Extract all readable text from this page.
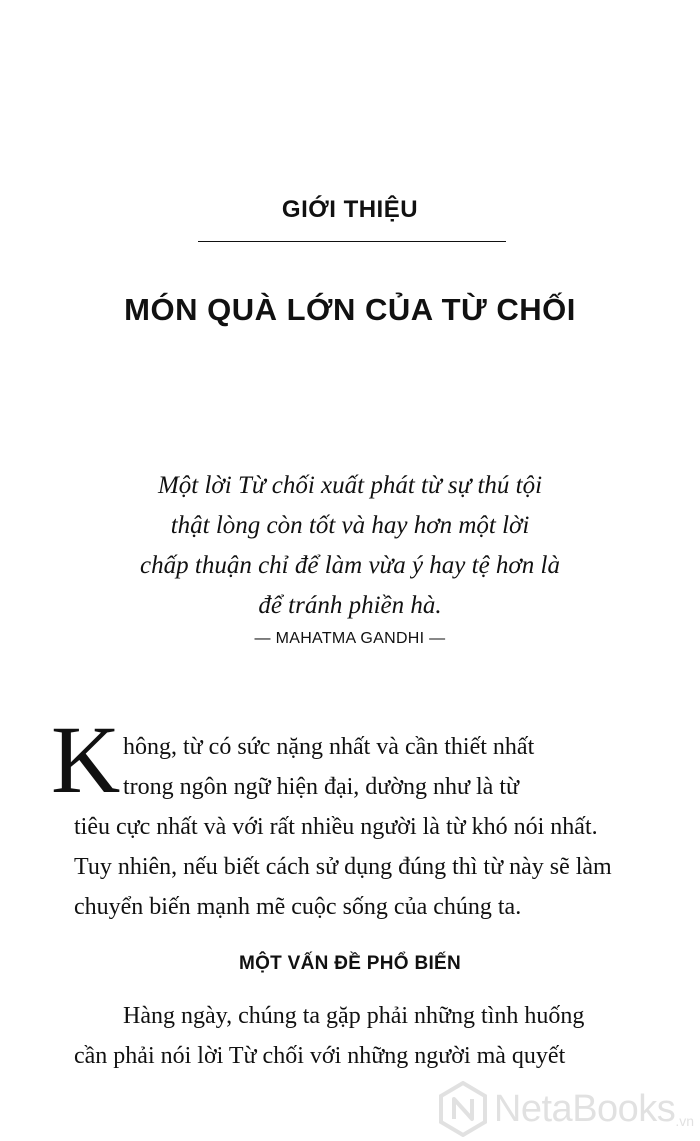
GIỚI THIỆU
MÓN QUÀ LỚN CỦA TỪ CHỐI
Một lời Từ chối xuất phát từ sự thú tội
thật lòng còn tốt và hay hơn một lời
chấp thuận chỉ để làm vừa ý hay tệ hơn là
để tránh phiền hà.
— MAHATMA GANDHI —
K hông, từ có sức nặng nhất và cần thiết nhất
trong ngôn ngữ hiện đại, dường như là từ
tiêu cực nhất và với rất nhiều người là từ khó nói nhất.
Tuy nhiên, nếu biết cách sử dụng đúng thì từ này sẽ làm
chuyển biến mạnh mẽ cuộc sống của chúng ta.
MỘT VẤN ĐỀ PHỔ BIẾN
Hàng ngày, chúng ta gặp phải những tình huống
cần phải nói lời Từ chối với những người mà quyết
NetaBooks .vn
